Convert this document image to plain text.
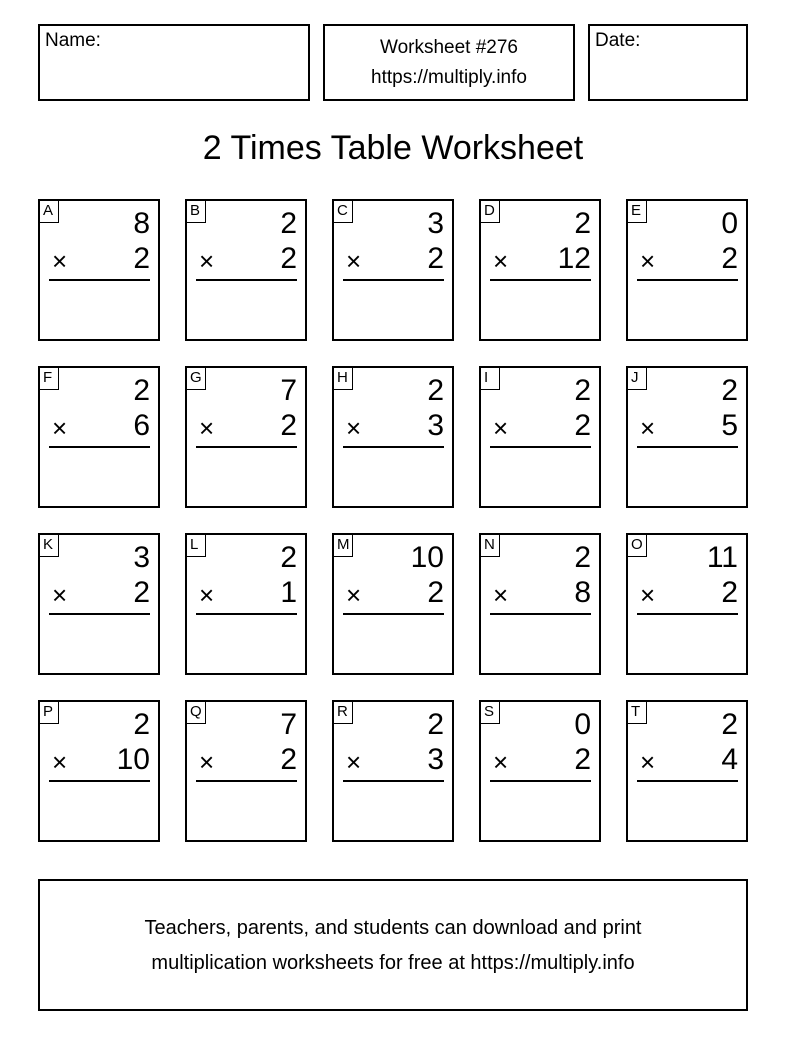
Name:	Worksheet #276
https://multiply.info
Date:
2 Times Table Worksheet
A	8
× 2
B	2
× 2
C	3
× 2
D	2
× 12
E	0
× 2
F	2
× 6
G	7
× 2
H	2
× 3
I	2
× 2
J	2
× 5
K	3
× 2
L	2
× 1
M 10
× 2
N	2
× 8
O 11
× 2
P	2
× 10
Q	7
× 2
R	2
× 3
S	0
× 2
T	2
× 4
Teachers, parents, and students can download and print
multiplication worksheets for free at https://multiply.info
